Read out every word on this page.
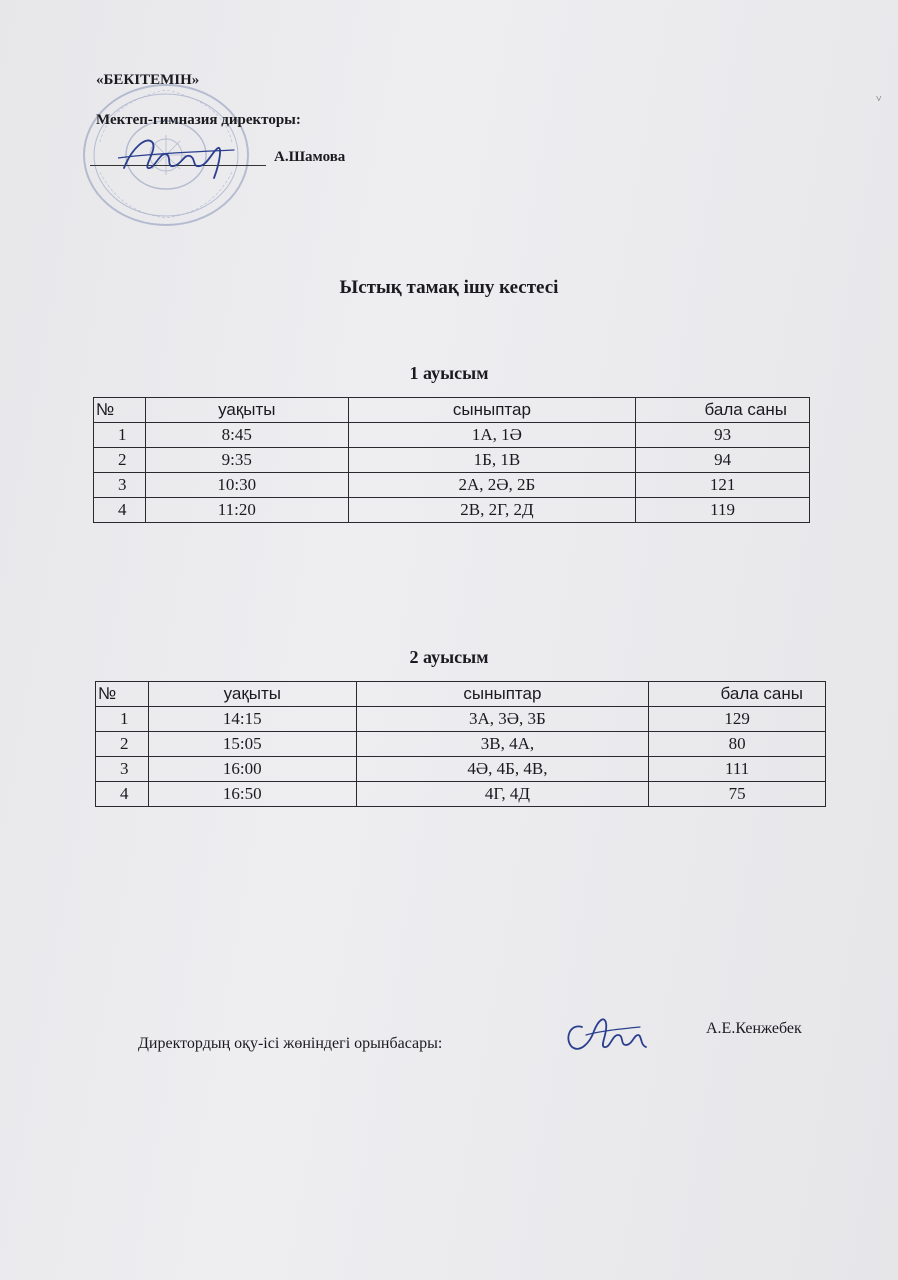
«БЕКІТЕМІН»
Мектеп-гимназия директоры:
А.Шамова
˅
Ыстық тамақ ішу кестесі
1 ауысым
№	уақыты	сыныптар	бала саны
1	8:45	1А, 1Ә	93
2	9:35	1Б, 1В	94
3	10:30	2А, 2Ә, 2Б	121
4	11:20	2В, 2Г, 2Д	119
2 ауысым
№	уақыты	сыныптар	бала саны
1	14:15	3А, 3Ә, 3Б	129
2	15:05	3В, 4А,	80
3	16:00	4Ә, 4Б, 4В,	111
4	16:50	4Г, 4Д	75
Директордың оқу-ісі жөніндегі орынбасары:
А.Е.Кенжебек
